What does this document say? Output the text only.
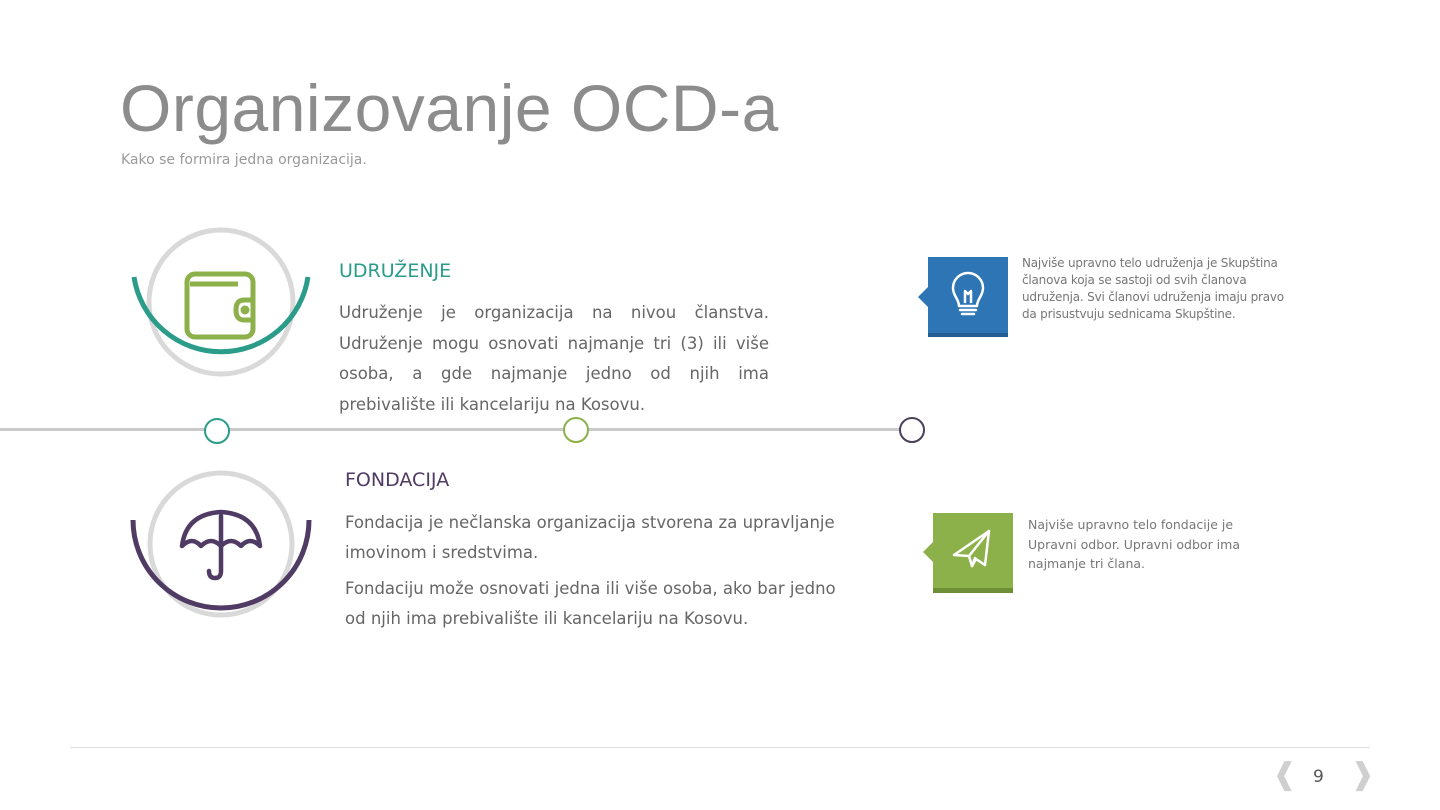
Organizovanje OCD-a
Kako se formira jedna organizacija.
UDRUŽENJE
Udruženje je organizacija na nivou članstva. Udruženje mogu osnovati najmanje tri (3) ili više osoba, a gde najmanje jedno od njih ima prebivalište ili kancelariju na Kosovu.
Najviše upravno telo udruženja je Skupština članova koja se sastoji od svih članova udruženja. Svi članovi udruženja imaju pravo da prisustvuju sednicama Skupštine.
FONDACIJA

Fondacija je nečlanska organizacija stvorena za upravljanje imovinom i sredstvima.

Fondaciju može osnovati jedna ili više osoba, ako bar jedno od njih ima prebivalište ili kancelariju na Kosovu.

Najviše upravno telo fondacije je Upravni odbor. Upravni odbor ima najmanje tri člana.
❰ 9 ❱
